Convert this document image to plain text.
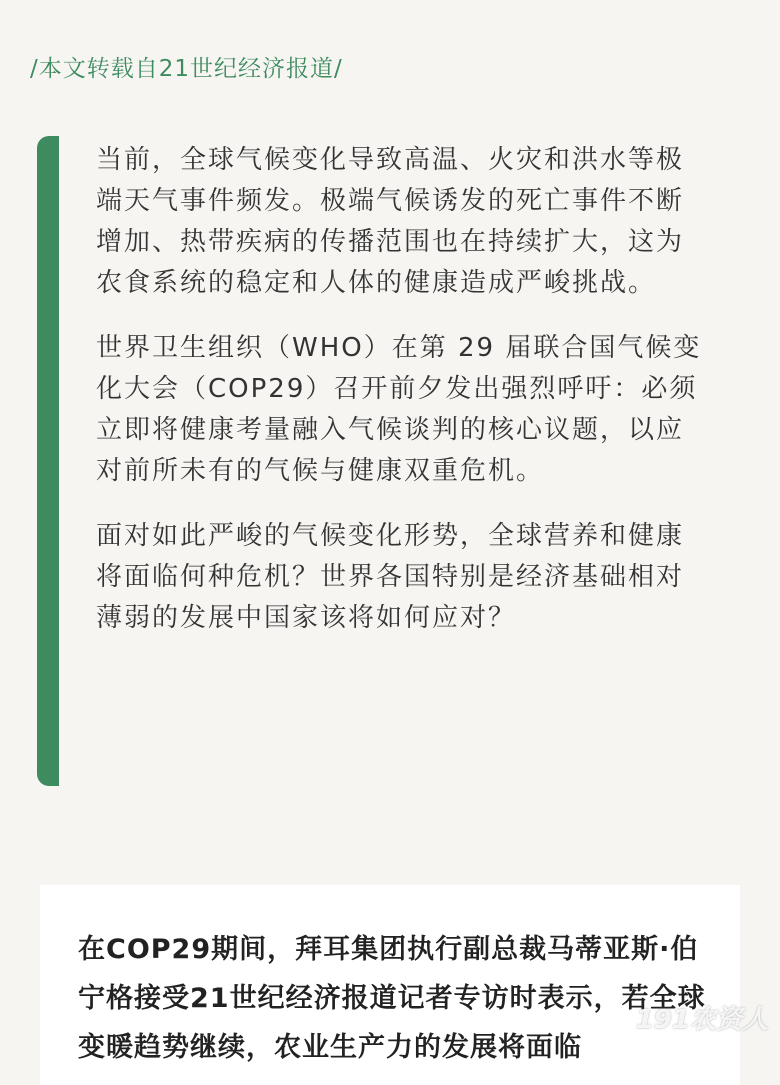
/本文转载自21世纪经济报道/

当前，全球气候变化导致高温、火灾和洪水等极端天气事件频发。极端气候诱发的死亡事件不断增加、热带疾病的传播范围也在持续扩大，这为农食系统的稳定和人体的健康造成严峻挑战。

世界卫生组织（WHO）在第 29 届联合国气候变化大会（COP29）召开前夕发出强烈呼吁：必须立即将健康考量融入气候谈判的核心议题，以应对前所未有的气候与健康双重危机。

面对如此严峻的气候变化形势，全球营养和健康将面临何种危机？世界各国特别是经济基础相对薄弱的发展中国家该将如何应对？

在COP29期间，拜耳集团执行副总裁马蒂亚斯·伯宁格接受21世纪经济报道记者专访时表示，若全球变暖趋势继续，农业生产力的发展将面临

191农资人
